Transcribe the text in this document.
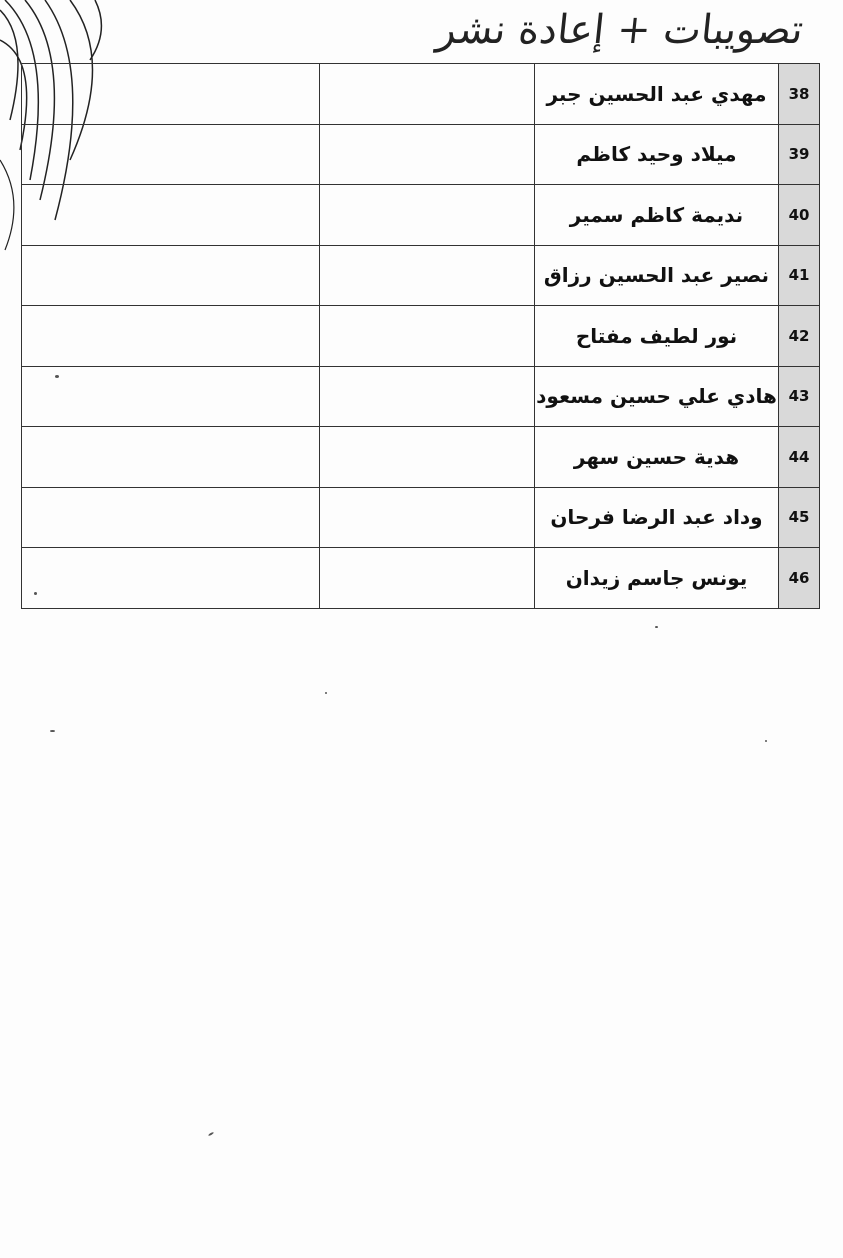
تصويبات + إعادة نشر
38	مهدي عبد الحسين جبر		
39	ميلاد وحيد كاظم		
40	نديمة كاظم سمير		
41	نصير عبد الحسين رزاق		
42	نور لطيف مفتاح		
43	هادي علي حسين مسعود		
44	هدية حسين سهر		
45	وداد عبد الرضا فرحان		
46	يونس جاسم زيدان		
